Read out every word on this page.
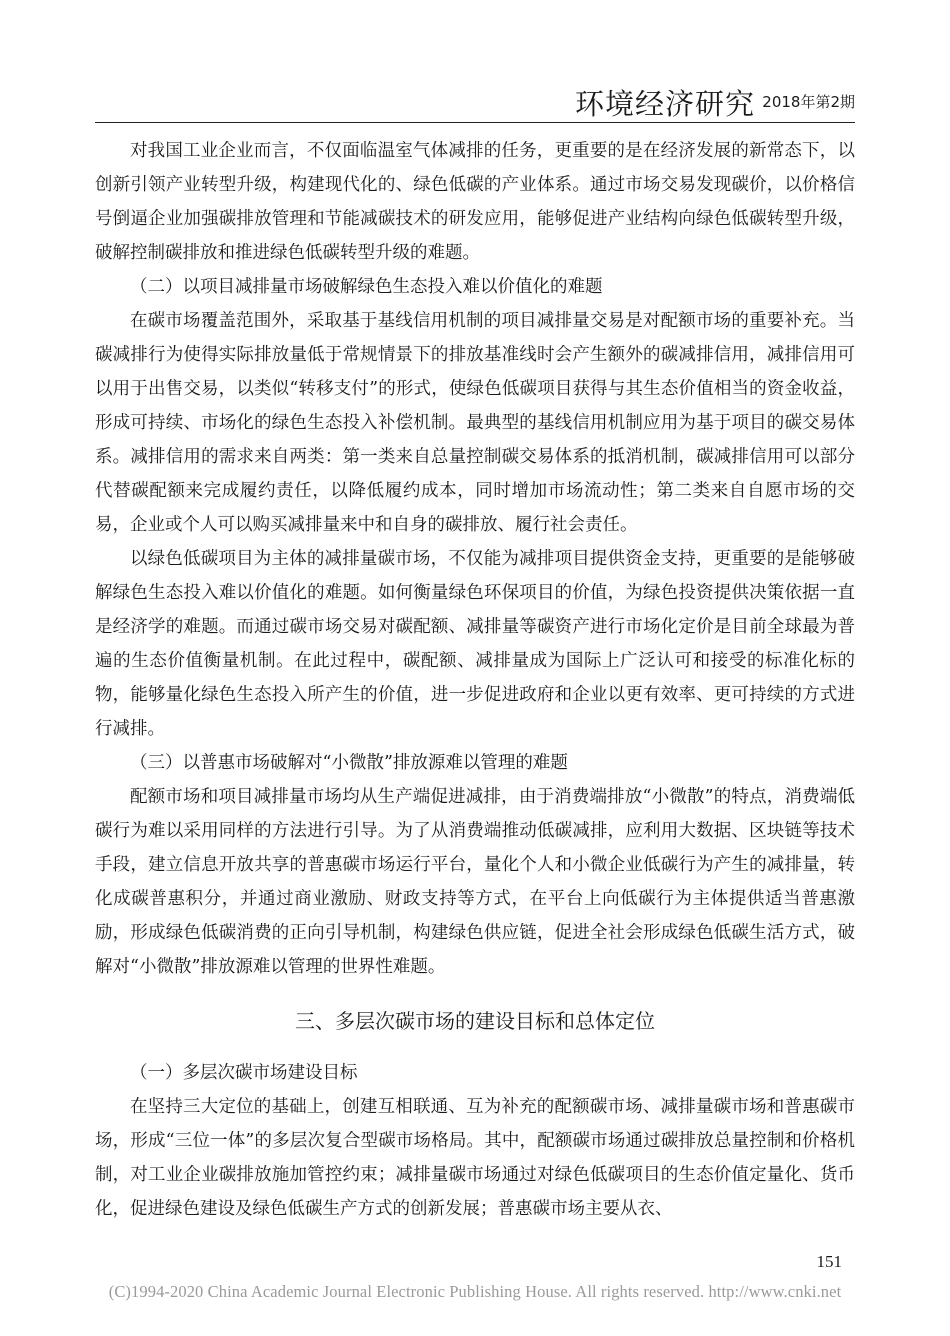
环境经济研究 2018年第2期

对我国工业企业而言，不仅面临温室气体减排的任务，更重要的是在经济发展的新常态下，以创新引领产业转型升级，构建现代化的、绿色低碳的产业体系。通过市场交易发现碳价，以价格信号倒逼企业加强碳排放管理和节能减碳技术的研发应用，能够促进产业结构向绿色低碳转型升级，破解控制碳排放和推进绿色低碳转型升级的难题。

（二）以项目减排量市场破解绿色生态投入难以价值化的难题

在碳市场覆盖范围外，采取基于基线信用机制的项目减排量交易是对配额市场的重要补充。当碳减排行为使得实际排放量低于常规情景下的排放基准线时会产生额外的碳减排信用，减排信用可以用于出售交易，以类似“转移支付”的形式，使绿色低碳项目获得与其生态价值相当的资金收益，形成可持续、市场化的绿色生态投入补偿机制。最典型的基线信用机制应用为基于项目的碳交易体系。减排信用的需求来自两类：第一类来自总量控制碳交易体系的抵消机制，碳减排信用可以部分代替碳配额来完成履约责任，以降低履约成本，同时增加市场流动性；第二类来自自愿市场的交易，企业或个人可以购买减排量来中和自身的碳排放、履行社会责任。

以绿色低碳项目为主体的减排量碳市场，不仅能为减排项目提供资金支持，更重要的是能够破解绿色生态投入难以价值化的难题。如何衡量绿色环保项目的价值，为绿色投资提供决策依据一直是经济学的难题。而通过碳市场交易对碳配额、减排量等碳资产进行市场化定价是目前全球最为普遍的生态价值衡量机制。在此过程中，碳配额、减排量成为国际上广泛认可和接受的标准化标的物，能够量化绿色生态投入所产生的价值，进一步促进政府和企业以更有效率、更可持续的方式进行减排。

（三）以普惠市场破解对“小微散”排放源难以管理的难题

配额市场和项目减排量市场均从生产端促进减排，由于消费端排放“小微散”的特点，消费端低碳行为难以采用同样的方法进行引导。为了从消费端推动低碳减排，应利用大数据、区块链等技术手段，建立信息开放共享的普惠碳市场运行平台，量化个人和小微企业低碳行为产生的减排量，转化成碳普惠积分，并通过商业激励、财政支持等方式，在平台上向低碳行为主体提供适当普惠激励，形成绿色低碳消费的正向引导机制，构建绿色供应链，促进全社会形成绿色低碳生活方式，破解对“小微散”排放源难以管理的世界性难题。

三、多层次碳市场的建设目标和总体定位
（一）多层次碳市场建设目标

在坚持三大定位的基础上，创建互相联通、互为补充的配额碳市场、减排量碳市场和普惠碳市场，形成“三位一体”的多层次复合型碳市场格局。其中，配额碳市场通过碳排放总量控制和价格机制，对工业企业碳排放施加管控约束；减排量碳市场通过对绿色低碳项目的生态价值定量化、货币化，促进绿色建设及绿色低碳生产方式的创新发展；普惠碳市场主要从衣、

151
(C)1994-2020 China Academic Journal Electronic Publishing House. All rights reserved. http://www.cnki.net
